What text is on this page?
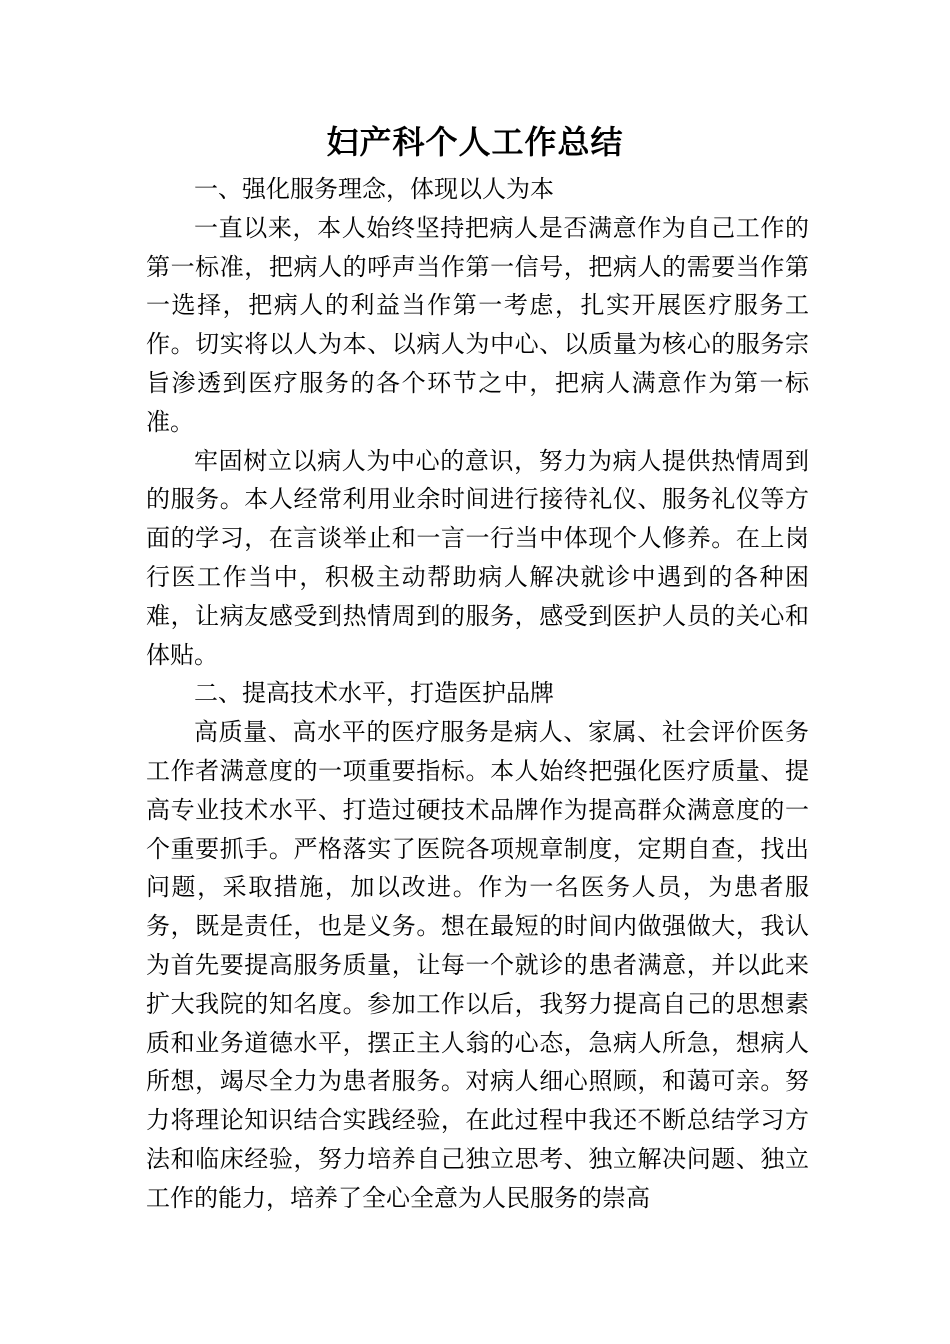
妇产科个人工作总结

一、强化服务理念，体现以人为本

一直以来，本人始终坚持把病人是否满意作为自己工作的第一标准，把病人的呼声当作第一信号，把病人的需要当作第一选择，把病人的利益当作第一考虑，扎实开展医疗服务工作。切实将以人为本、以病人为中心、以质量为核心的服务宗旨渗透到医疗服务的各个环节之中，把病人满意作为第一标准。

牢固树立以病人为中心的意识，努力为病人提供热情周到的服务。本人经常利用业余时间进行接待礼仪、服务礼仪等方面的学习，在言谈举止和一言一行当中体现个人修养。在上岗行医工作当中，积极主动帮助病人解决就诊中遇到的各种困难，让病友感受到热情周到的服务，感受到医护人员的关心和体贴。

二、提高技术水平，打造医护品牌

高质量、高水平的医疗服务是病人、家属、社会评价医务工作者满意度的一项重要指标。本人始终把强化医疗质量、提高专业技术水平、打造过硬技术品牌作为提高群众满意度的一个重要抓手。严格落实了医院各项规章制度，定期自查，找出问题，采取措施，加以改进。作为一名医务人员，为患者服务，既是责任，也是义务。想在最短的时间内做强做大，我认为首先要提高服务质量，让每一个就诊的患者满意，并以此来扩大我院的知名度。参加工作以后，我努力提高自己的思想素质和业务道德水平，摆正主人翁的心态，急病人所急，想病人所想，竭尽全力为患者服务。对病人细心照顾，和蔼可亲。努力将理论知识结合实践经验，在此过程中我还不断总结学习方法和临床经验，努力培养自己独立思考、独立解决问题、独立工作的能力，培养了全心全意为人民服务的崇高
